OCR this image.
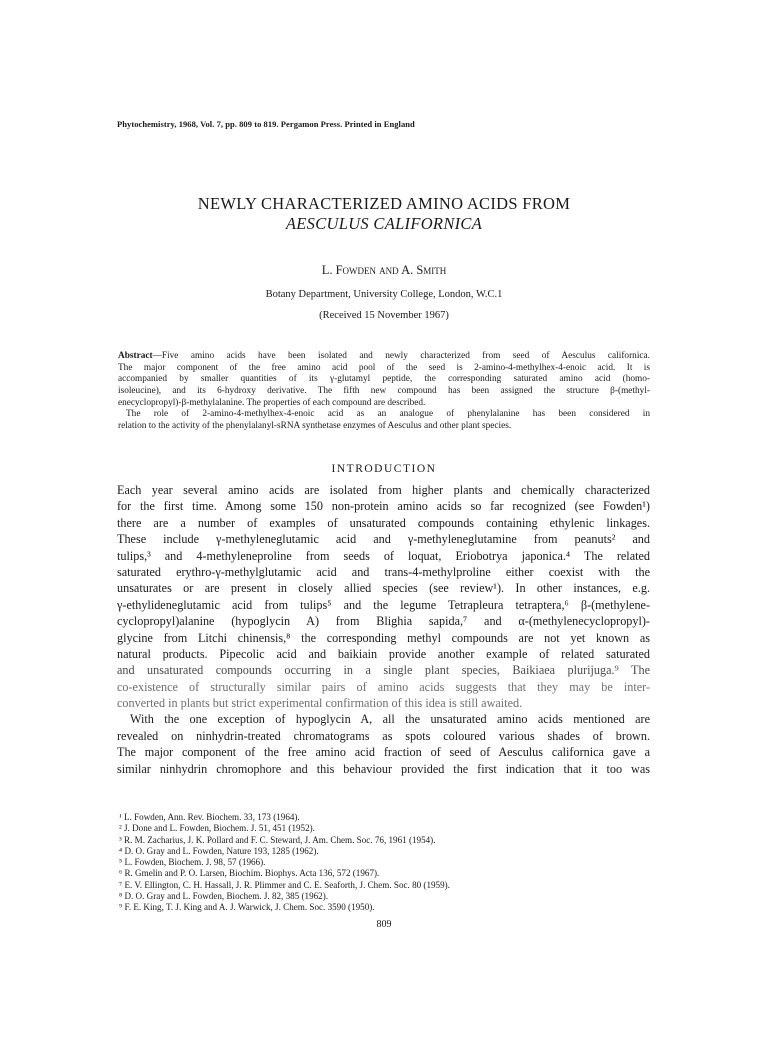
Phytochemistry, 1968, Vol. 7, pp. 809 to 819. Pergamon Press. Printed in England
NEWLY CHARACTERIZED AMINO ACIDS FROM
AESCULUS CALIFORNICA
L. Fowden and A. Smith
Botany Department, University College, London, W.C.1
(Received 15 November 1967)
Abstract—Five amino acids have been isolated and newly characterized from seed of Aesculus californica.
The major component of the free amino acid pool of the seed is 2-amino-4-methylhex-4-enoic acid. It is
accompanied by smaller quantities of its γ-glutamyl peptide, the corresponding saturated amino acid (homo-
isoleucine), and its 6-hydroxy derivative. The fifth new compound has been assigned the structure β-(methyl-
enecyclopropyl)-β-methylalanine. The properties of each compound are described.
The role of 2-amino-4-methylhex-4-enoic acid as an analogue of phenylalanine has been considered in
relation to the activity of the phenylalanyl-sRNA synthetase enzymes of Aesculus and other plant species.
INTRODUCTION
Each year several amino acids are isolated from higher plants and chemically characterized
for the first time. Among some 150 non-protein amino acids so far recognized (see Fowden¹)
there are a number of examples of unsaturated compounds containing ethylenic linkages.
These include γ-methyleneglutamic acid and γ-methyleneglutamine from peanuts² and
tulips,³ and 4-methyleneproline from seeds of loquat, Eriobotrya japonica.⁴ The related
saturated erythro-γ-methylglutamic acid and trans-4-methylproline either coexist with the
unsaturates or are present in closely allied species (see review¹). In other instances, e.g.
γ-ethylideneglutamic acid from tulips⁵ and the legume Tetrapleura tetraptera,⁶ β-(methylene-
cyclopropyl)alanine (hypoglycin A) from Blighia sapida,⁷ and α-(methylenecyclopropyl)-
glycine from Litchi chinensis,⁸ the corresponding methyl compounds are not yet known as
natural products. Pipecolic acid and baikiain provide another example of related saturated
and unsaturated compounds occurring in a single plant species, Baikiaea plurijuga.⁹ The
co-existence of structurally similar pairs of amino acids suggests that they may be inter-
converted in plants but strict experimental confirmation of this idea is still awaited.
With the one exception of hypoglycin A, all the unsaturated amino acids mentioned are
revealed on ninhydrin-treated chromatograms as spots coloured various shades of brown.
The major component of the free amino acid fraction of seed of Aesculus californica gave a
similar ninhydrin chromophore and this behaviour provided the first indication that it too was
¹ L. Fowden, Ann. Rev. Biochem. 33, 173 (1964).
² J. Done and L. Fowden, Biochem. J. 51, 451 (1952).
³ R. M. Zacharius, J. K. Pollard and F. C. Steward, J. Am. Chem. Soc. 76, 1961 (1954).
⁴ D. O. Gray and L. Fowden, Nature 193, 1285 (1962).
⁵ L. Fowden, Biochem. J. 98, 57 (1966).
⁶ R. Gmelin and P. O. Larsen, Biochim. Biophys. Acta 136, 572 (1967).
⁷ E. V. Ellington, C. H. Hassall, J. R. Plimmer and C. E. Seaforth, J. Chem. Soc. 80 (1959).
⁸ D. O. Gray and L. Fowden, Biochem. J. 82, 385 (1962).
⁹ F. E. King, T. J. King and A. J. Warwick, J. Chem. Soc. 3590 (1950).
809
